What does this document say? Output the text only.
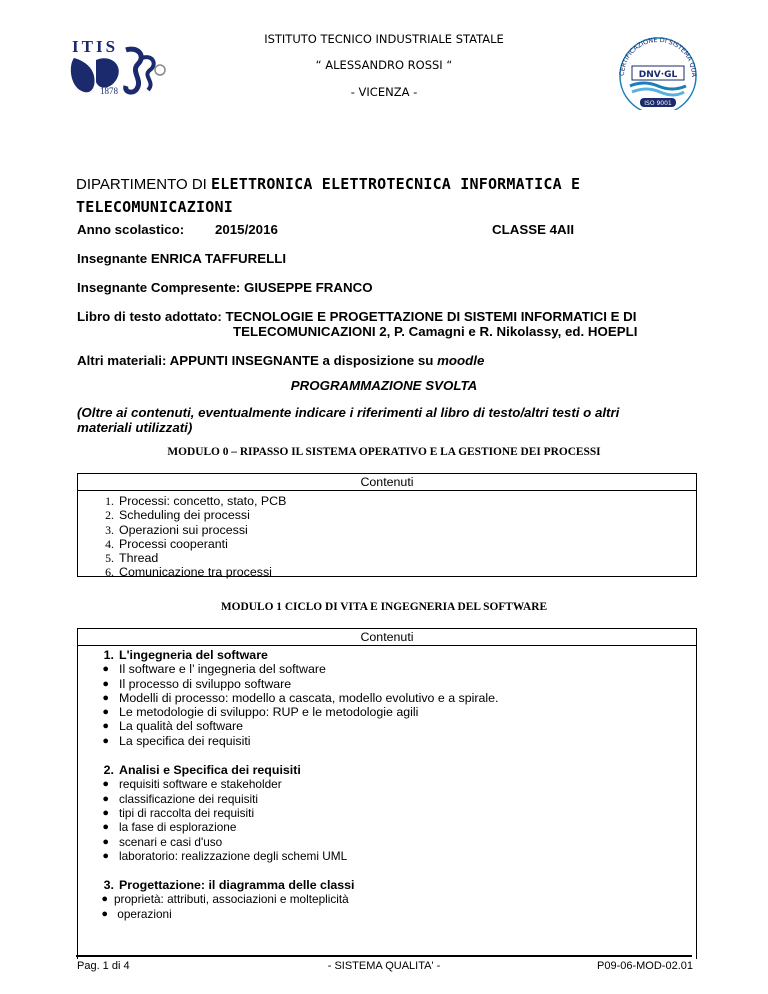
ITIS
1878
ISTITUTO TECNICO INDUSTRIALE STATALE
“ ALESSANDRO ROSSI “
- VICENZA -
CERTIFICAZIONE DI SISTEMA QUA
DNV·GL
ISO 9001
DIPARTIMENTO DI ELETTRONICA ELETTROTECNICA INFORMATICA E
TELECOMUNICAZIONI
Anno scolastico: 2015/2016	CLASSE 4AII
Insegnante ENRICA TAFFURELLI
Insegnante Compresente: GIUSEPPE FRANCO
Libro di testo adottato: TECNOLOGIE E PROGETTAZIONE DI SISTEMI INFORMATICI E DI
TELECOMUNICAZIONI 2, P. Camagni e R. Nikolassy, ed. HOEPLI
Altri materiali: APPUNTI INSEGNANTE a disposizione su moodle
PROGRAMMAZIONE SVOLTA
(Oltre ai contenuti, eventualmente indicare i riferimenti al libro di testo/altri testi o altri
materiali utilizzati)
MODULO 0 – RIPASSO IL SISTEMA OPERATIVO E LA GESTIONE DEI PROCESSI
Contenuti
1. Processi: concetto, stato, PCB
2. Scheduling dei processi
3. Operazioni sui processi
4. Processi cooperanti
5. Thread
6. Comunicazione tra processi
MODULO 1 CICLO DI VITA E INGEGNERIA DEL SOFTWARE
Contenuti
1. L'ingegneria del software
● Il software e l’ ingegneria del software
● Il processo di sviluppo software
● Modelli di processo: modello a cascata, modello evolutivo e a spirale.
● Le metodologie di sviluppo: RUP e le metodologie agili
● La qualità del software
● La specifica dei requisiti
2. Analisi e Specifica dei requisiti
● requisiti software e stakeholder
● classificazione dei requisiti
● tipi di raccolta dei requisiti
● la fase di esplorazione
● scenari e casi d'uso
● laboratorio: realizzazione degli schemi UML
3. Progettazione: il diagramma delle classi
● proprietà: attributi, associazioni e molteplicità
● operazioni
Pag. 1 di 4	- SISTEMA QUALITA' -	P09-06-MOD-02.01
